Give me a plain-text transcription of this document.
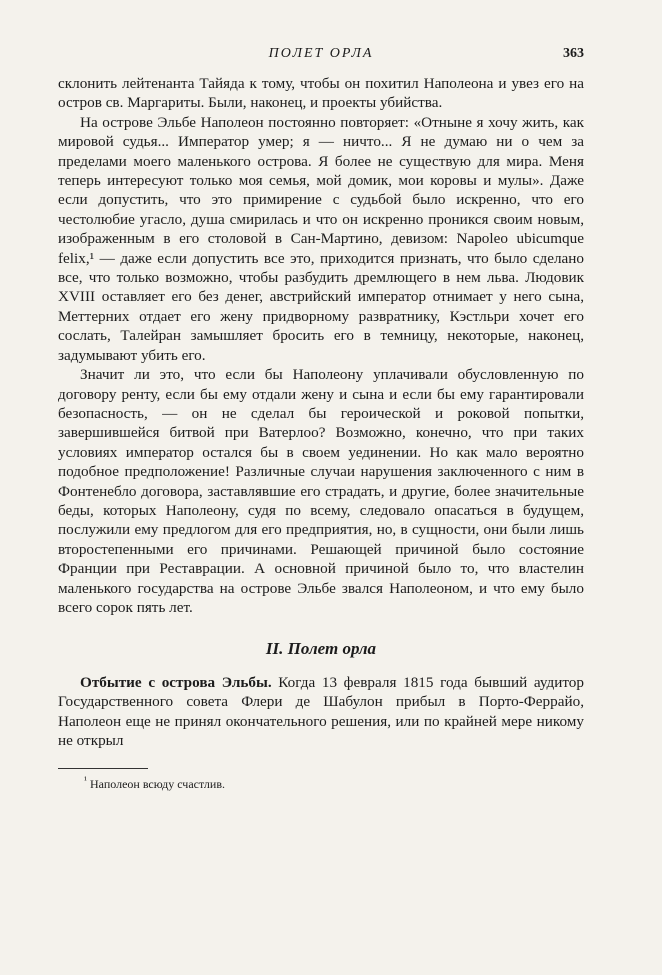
ПОЛЕТ ОРЛА	363

склонить лейтенанта Тайяда к тому, чтобы он похитил Наполеона и увез его на остров св. Маргариты. Были, наконец, и проекты убийства.

На острове Эльбе Наполеон постоянно повторяет: «Отныне я хочу жить, как мировой судья... Император умер; я — ничто... Я не думаю ни о чем за пределами моего маленького острова. Я более не существую для мира. Меня теперь интересуют только моя семья, мой домик, мои коровы и мулы». Даже если допустить, что это примирение с судьбой было искренно, что его честолюбие угасло, душа смирилась и что он искренно проникся своим новым, изображенным в его столовой в Сан-Мартино, девизом: Napoleo ubicumque felix,¹ — даже если допустить все это, приходится признать, что было сделано все, что только возможно, чтобы разбудить дремлющего в нем льва. Людовик XVIII оставляет его без денег, австрийский император отнимает у него сына, Меттерних отдает его жену придворному развратнику, Кэстльри хочет его сослать, Талейран замышляет бросить его в темницу, некоторые, наконец, задумывают убить его.

Значит ли это, что если бы Наполеону уплачивали обусловленную по договору ренту, если бы ему отдали жену и сына и если бы ему гарантировали безопасность, — он не сделал бы героической и роковой попытки, завершившейся битвой при Ватерлоо? Возможно, конечно, что при таких условиях император остался бы в своем уединении. Но как мало вероятно подобное предположение! Различные случаи нарушения заключенного с ним в Фонтенебло договора, заставлявшие его страдать, и другие, более значительные беды, которых Наполеону, судя по всему, следовало опасаться в будущем, послужили ему предлогом для его предприятия, но, в сущности, они были лишь второстепенными его причинами. Решающей причиной было состояние Франции при Реставрации. А основной причиной было то, что властелин маленького государства на острове Эльбе звался Наполеоном, и что ему было всего сорок пять лет.

II. Полет орла

Отбытие с острова Эльбы. Когда 13 февраля 1815 года бывший аудитор Государственного совета Флери де Шабулон прибыл в Порто-Феррайо, Наполеон еще не принял окончательного решения, или по крайней мере никому не открыл

$^{^1}$ Наполеон всюду счастлив.
